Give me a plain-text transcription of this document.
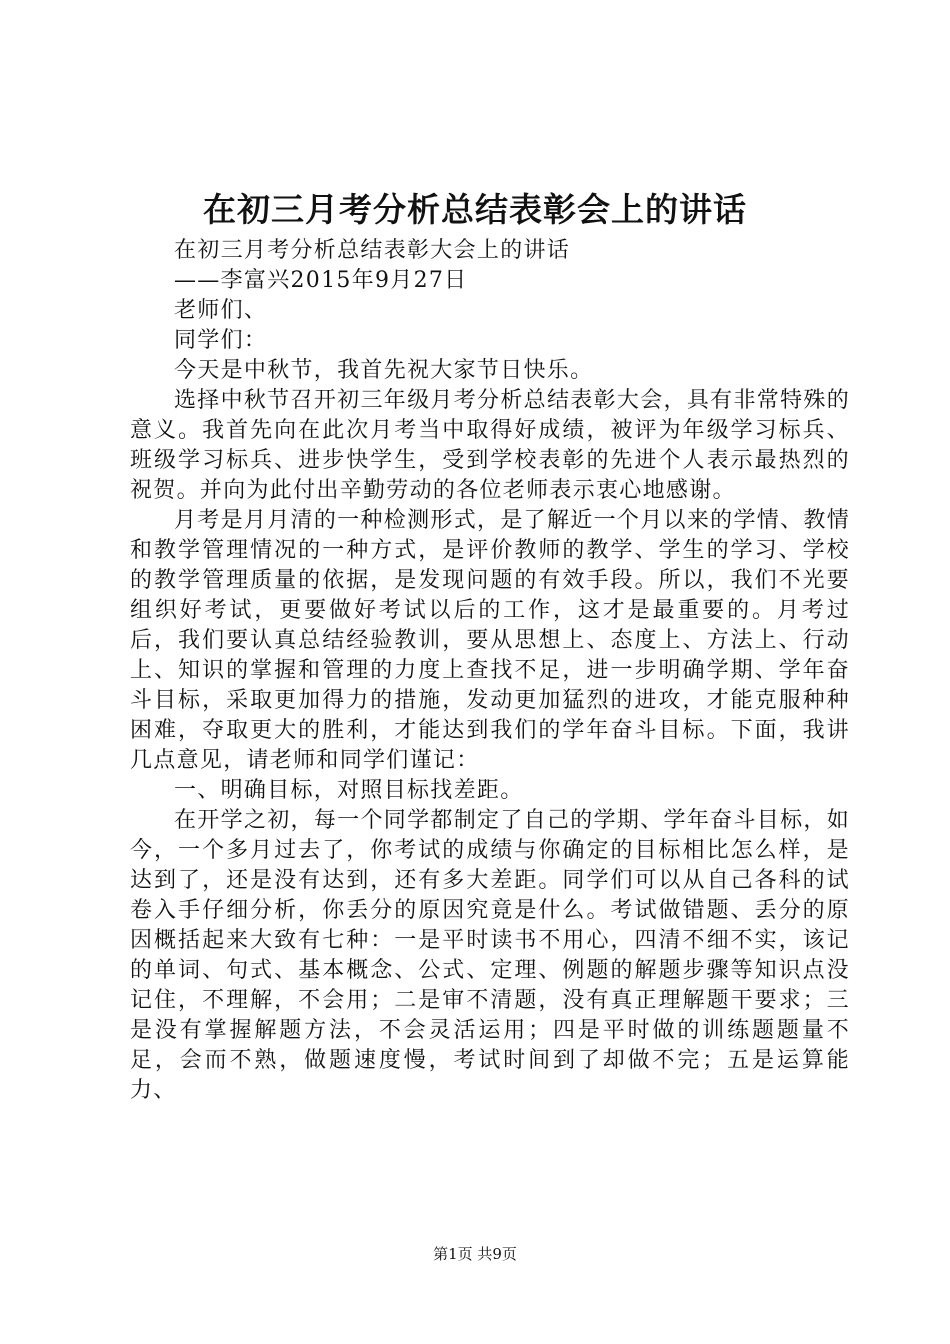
在初三月考分析总结表彰会上的讲话

在初三月考分析总结表彰大会上的讲话

——李富兴2015年9月27日

老师们、

同学们：

今天是中秋节，我首先祝大家节日快乐。

选择中秋节召开初三年级月考分析总结表彰大会，具有非常特殊的意义。我首先向在此次月考当中取得好成绩，被评为年级学习标兵、班级学习标兵、进步快学生，受到学校表彰的先进个人表示最热烈的祝贺。并向为此付出辛勤劳动的各位老师表示衷心地感谢。

月考是月月清的一种检测形式，是了解近一个月以来的学情、教情和教学管理情况的一种方式，是评价教师的教学、学生的学习、学校的教学管理质量的依据，是发现问题的有效手段。所以，我们不光要组织好考试，更要做好考试以后的工作，这才是最重要的。月考过后，我们要认真总结经验教训，要从思想上、态度上、方法上、行动上、知识的掌握和管理的力度上查找不足，进一步明确学期、学年奋斗目标，采取更加得力的措施，发动更加猛烈的进攻，才能克服种种困难，夺取更大的胜利，才能达到我们的学年奋斗目标。下面，我讲几点意见，请老师和同学们谨记：

一、明确目标，对照目标找差距。

在开学之初，每一个同学都制定了自己的学期、学年奋斗目标，如今，一个多月过去了，你考试的成绩与你确定的目标相比怎么样，是达到了，还是没有达到，还有多大差距。同学们可以从自己各科的试卷入手仔细分析，你丢分的原因究竟是什么。考试做错题、丢分的原因概括起来大致有七种：一是平时读书不用心，四清不细不实，该记的单词、句式、基本概念、公式、定理、例题的解题步骤等知识点没记住，不理解，不会用；二是审不清题，没有真正理解题干要求；三是没有掌握解题方法，不会灵活运用；四是平时做的训练题题量不足，会而不熟，做题速度慢，考试时间到了却做不完；五是运算能力、

第1页 共9页
